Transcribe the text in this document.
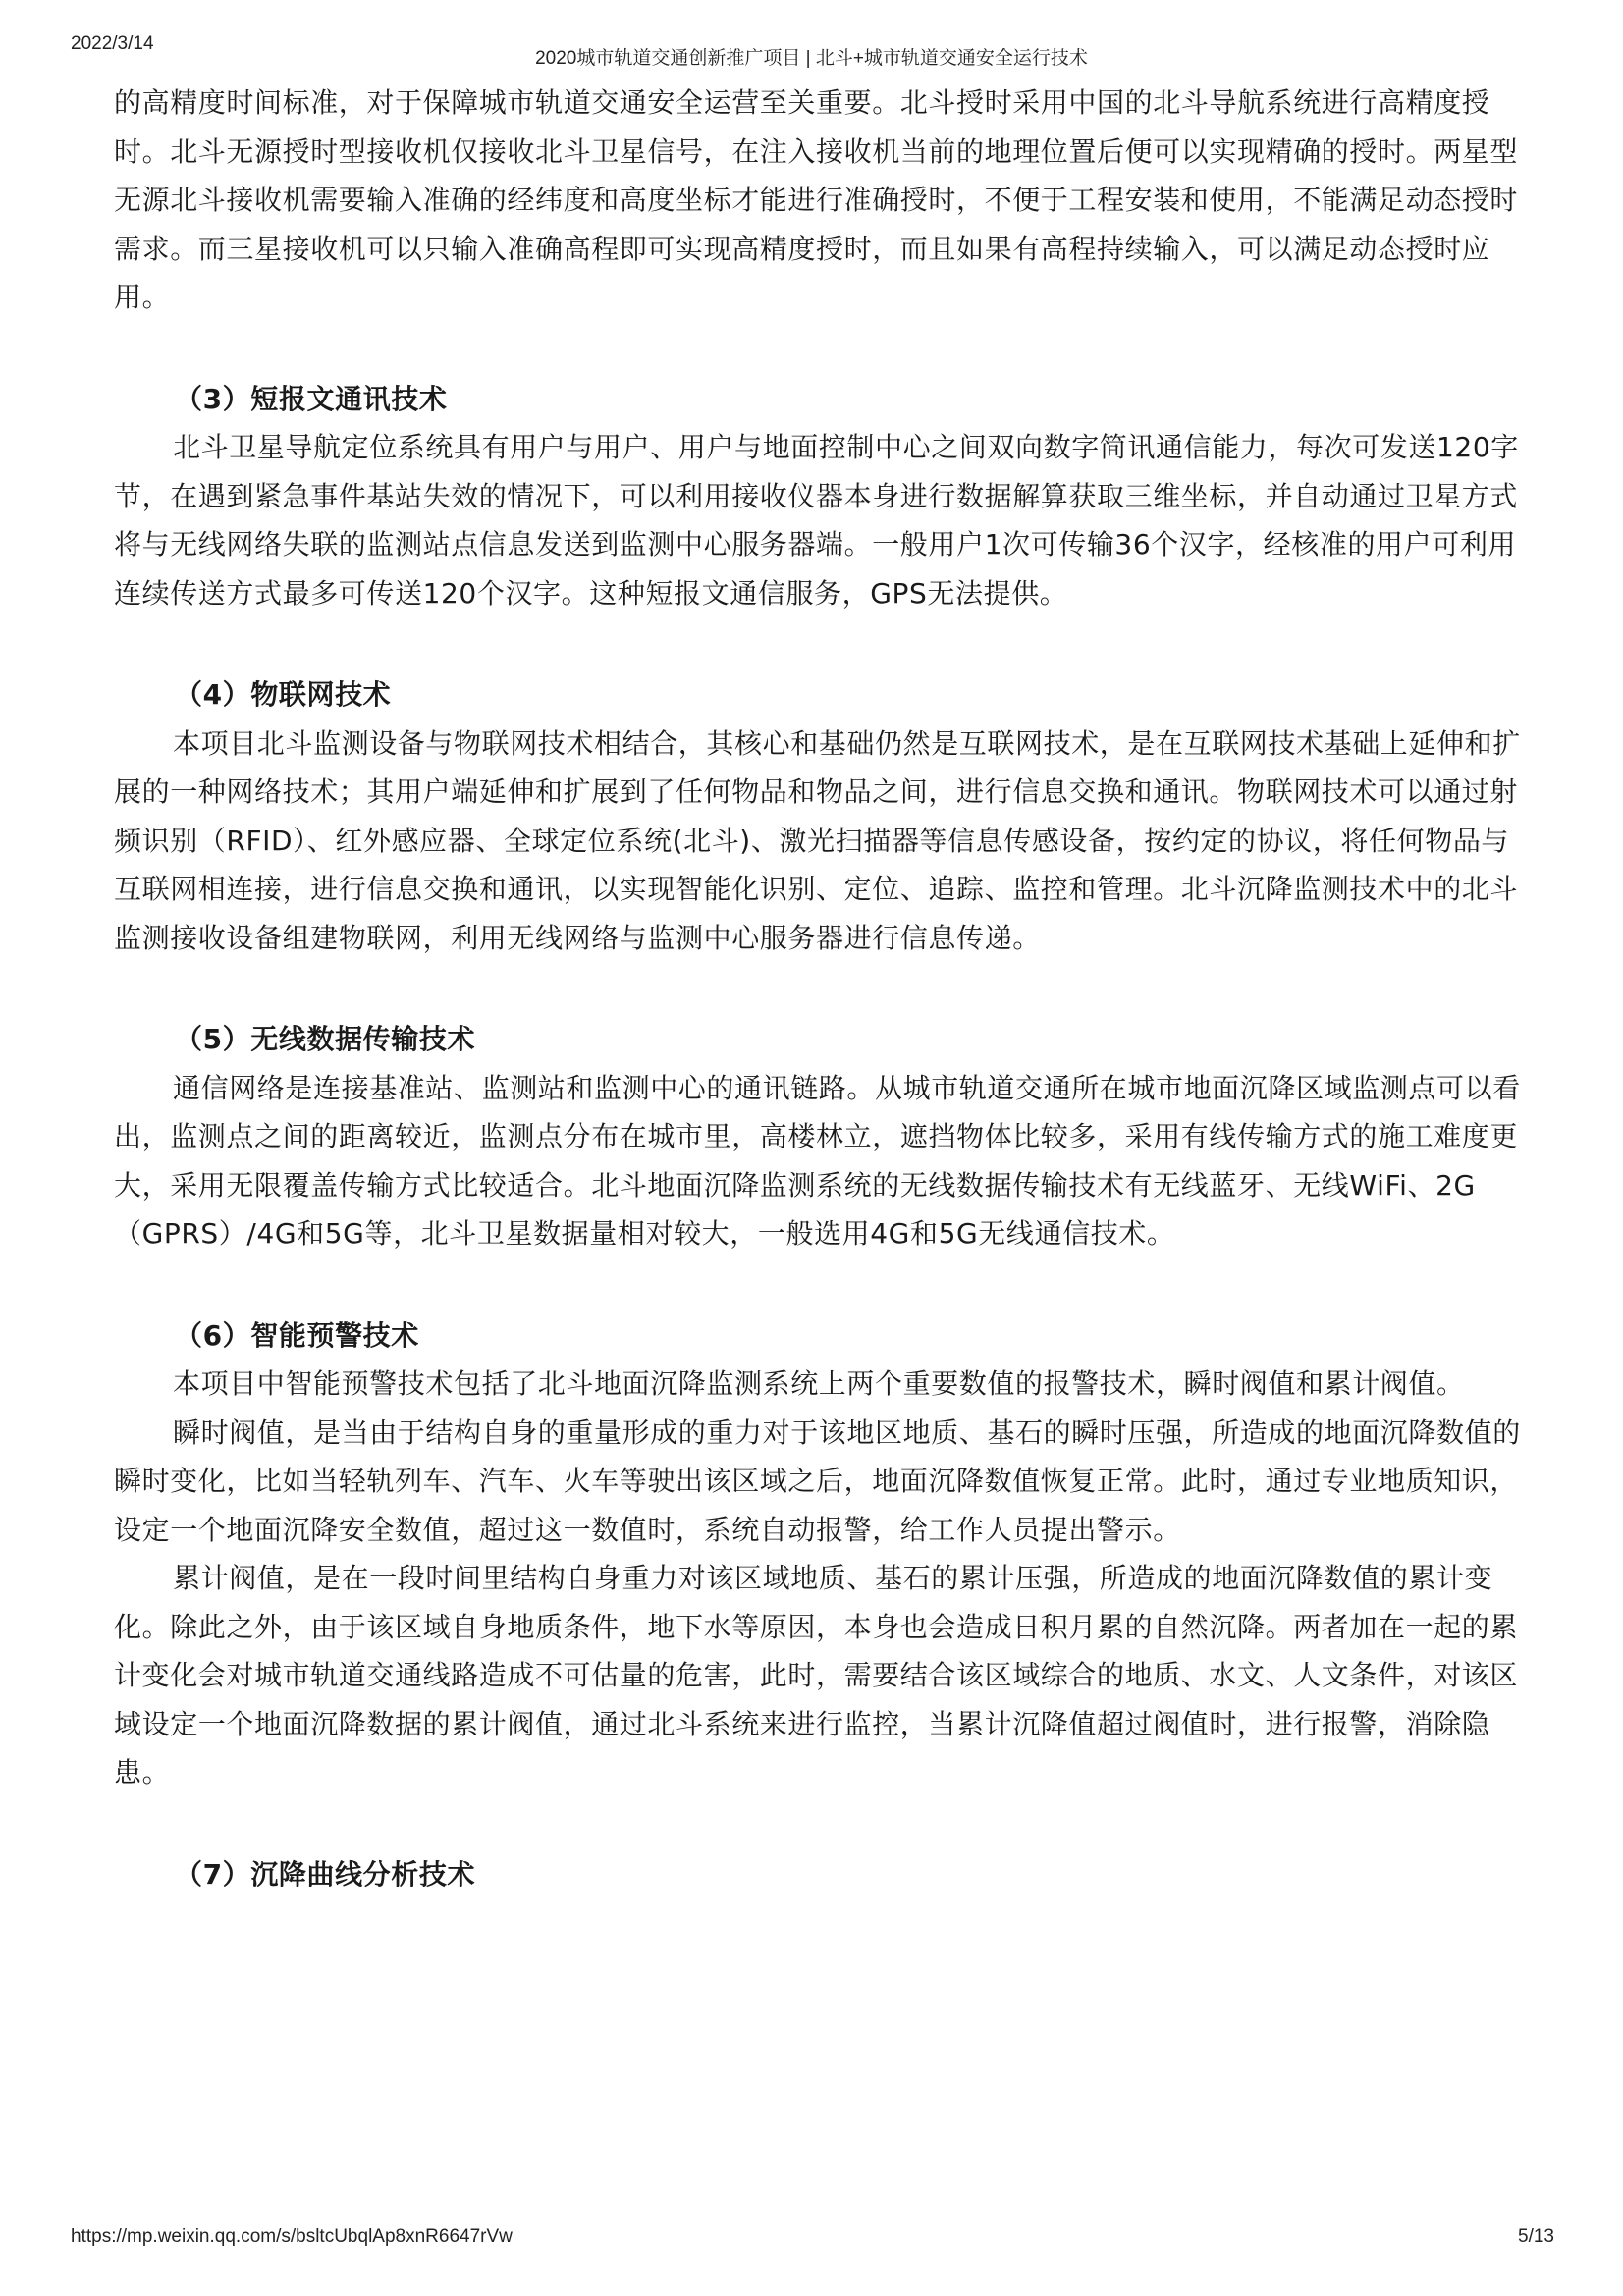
2022/3/14
2020城市轨道交通创新推广项目 | 北斗+城市轨道交通安全运行技术

的高精度时间标准，对于保障城市轨道交通安全运营至关重要。北斗授时采用中国的北斗导航系统进行高精度授时。北斗无源授时型接收机仅接收北斗卫星信号，在注入接收机当前的地理位置后便可以实现精确的授时。两星型无源北斗接收机需要输入准确的经纬度和高度坐标才能进行准确授时，不便于工程安装和使用，不能满足动态授时需求。而三星接收机可以只输入准确高程即可实现高精度授时，而且如果有高程持续输入，可以满足动态授时应用。

（3）短报文通讯技术

北斗卫星导航定位系统具有用户与用户、用户与地面控制中心之间双向数字简讯通信能力，每次可发送120字节，在遇到紧急事件基站失效的情况下，可以利用接收仪器本身进行数据解算获取三维坐标，并自动通过卫星方式将与无线网络失联的监测站点信息发送到监测中心服务器端。一般用户1次可传输36个汉字，经核准的用户可利用连续传送方式最多可传送120个汉字。这种短报文通信服务，GPS无法提供。

（4）物联网技术

本项目北斗监测设备与物联网技术相结合，其核心和基础仍然是互联网技术，是在互联网技术基础上延伸和扩展的一种网络技术；其用户端延伸和扩展到了任何物品和物品之间，进行信息交换和通讯。物联网技术可以通过射频识别（RFID）、红外感应器、全球定位系统(北斗)、激光扫描器等信息传感设备，按约定的协议，将任何物品与互联网相连接，进行信息交换和通讯，以实现智能化识别、定位、追踪、监控和管理。北斗沉降监测技术中的北斗监测接收设备组建物联网，利用无线网络与监测中心服务器进行信息传递。

（5）无线数据传输技术

通信网络是连接基准站、监测站和监测中心的通讯链路。从城市轨道交通所在城市地面沉降区域监测点可以看出，监测点之间的距离较近，监测点分布在城市里，高楼林立，遮挡物体比较多，采用有线传输方式的施工难度更大，采用无限覆盖传输方式比较适合。北斗地面沉降监测系统的无线数据传输技术有无线蓝牙、无线WiFi、2G（GPRS）/4G和5G等，北斗卫星数据量相对较大，一般选用4G和5G无线通信技术。

（6）智能预警技术

本项目中智能预警技术包括了北斗地面沉降监测系统上两个重要数值的报警技术，瞬时阀值和累计阀值。

瞬时阀值，是当由于结构自身的重量形成的重力对于该地区地质、基石的瞬时压强，所造成的地面沉降数值的瞬时变化，比如当轻轨列车、汽车、火车等驶出该区域之后，地面沉降数值恢复正常。此时，通过专业地质知识，设定一个地面沉降安全数值，超过这一数值时，系统自动报警，给工作人员提出警示。

累计阀值，是在一段时间里结构自身重力对该区域地质、基石的累计压强，所造成的地面沉降数值的累计变化。除此之外，由于该区域自身地质条件，地下水等原因，本身也会造成日积月累的自然沉降。两者加在一起的累计变化会对城市轨道交通线路造成不可估量的危害，此时，需要结合该区域综合的地质、水文、人文条件，对该区域设定一个地面沉降数据的累计阀值，通过北斗系统来进行监控，当累计沉降值超过阀值时，进行报警，消除隐患。

（7）沉降曲线分析技术
https://mp.weixin.qq.com/s/bsltcUbqlAp8xnR6647rVw	5/13
